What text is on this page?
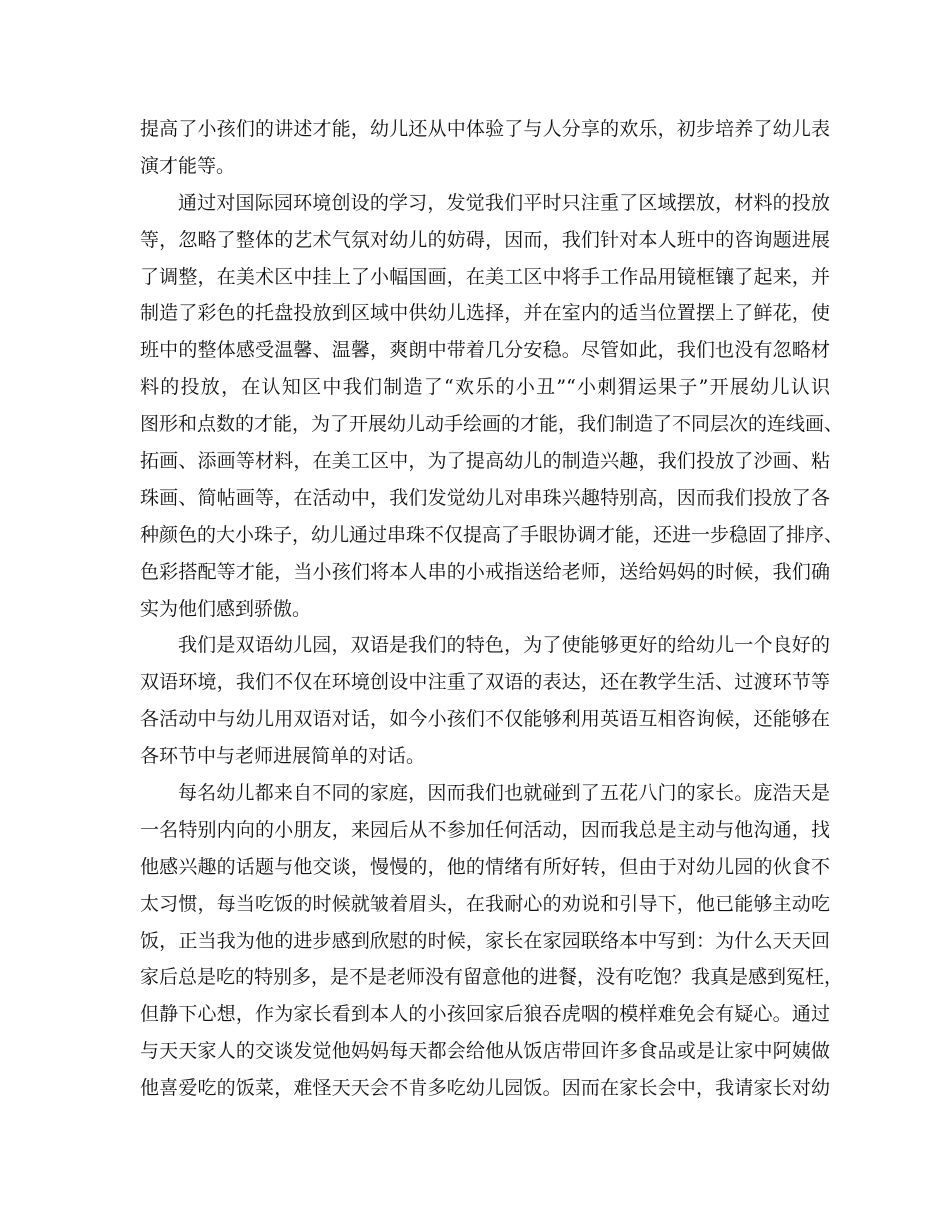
提高了小孩们的讲述才能，幼儿还从中体验了与人分享的欢乐，初步培养了幼儿表
演才能等。
通过对国际园环境创设的学习，发觉我们平时只注重了区域摆放，材料的投放
等，忽略了整体的艺术气氛对幼儿的妨碍，因而，我们针对本人班中的咨询题进展
了调整，在美术区中挂上了小幅国画，在美工区中将手工作品用镜框镶了起来，并
制造了彩色的托盘投放到区域中供幼儿选择，并在室内的适当位置摆上了鲜花，使
班中的整体感受温馨、温馨，爽朗中带着几分安稳。尽管如此，我们也没有忽略材
料的投放，在认知区中我们制造了“欢乐的小丑”“小刺猬运果子”开展幼儿认识
图形和点数的才能，为了开展幼儿动手绘画的才能，我们制造了不同层次的连线画、
拓画、添画等材料，在美工区中，为了提高幼儿的制造兴趣，我们投放了沙画、粘
珠画、简帖画等，在活动中，我们发觉幼儿对串珠兴趣特别高，因而我们投放了各
种颜色的大小珠子，幼儿通过串珠不仅提高了手眼协调才能，还进一步稳固了排序、
色彩搭配等才能，当小孩们将本人串的小戒指送给老师，送给妈妈的时候，我们确
实为他们感到骄傲。
我们是双语幼儿园，双语是我们的特色，为了使能够更好的给幼儿一个良好的
双语环境，我们不仅在环境创设中注重了双语的表达，还在教学生活、过渡环节等
各活动中与幼儿用双语对话，如今小孩们不仅能够利用英语互相咨询候，还能够在
各环节中与老师进展简单的对话。
每名幼儿都来自不同的家庭，因而我们也就碰到了五花八门的家长。庞浩天是
一名特别内向的小朋友，来园后从不参加任何活动，因而我总是主动与他沟通，找
他感兴趣的话题与他交谈，慢慢的，他的情绪有所好转，但由于对幼儿园的伙食不
太习惯，每当吃饭的时候就皱着眉头，在我耐心的劝说和引导下，他已能够主动吃
饭，正当我为他的进步感到欣慰的时候，家长在家园联络本中写到：为什么天天回
家后总是吃的特别多，是不是老师没有留意他的进餐，没有吃饱？我真是感到冤枉，
但静下心想，作为家长看到本人的小孩回家后狼吞虎咽的模样难免会有疑心。通过
与天天家人的交谈发觉他妈妈每天都会给他从饭店带回许多食品或是让家中阿姨做
他喜爱吃的饭菜，难怪天天会不肯多吃幼儿园饭。因而在家长会中，我请家长对幼
